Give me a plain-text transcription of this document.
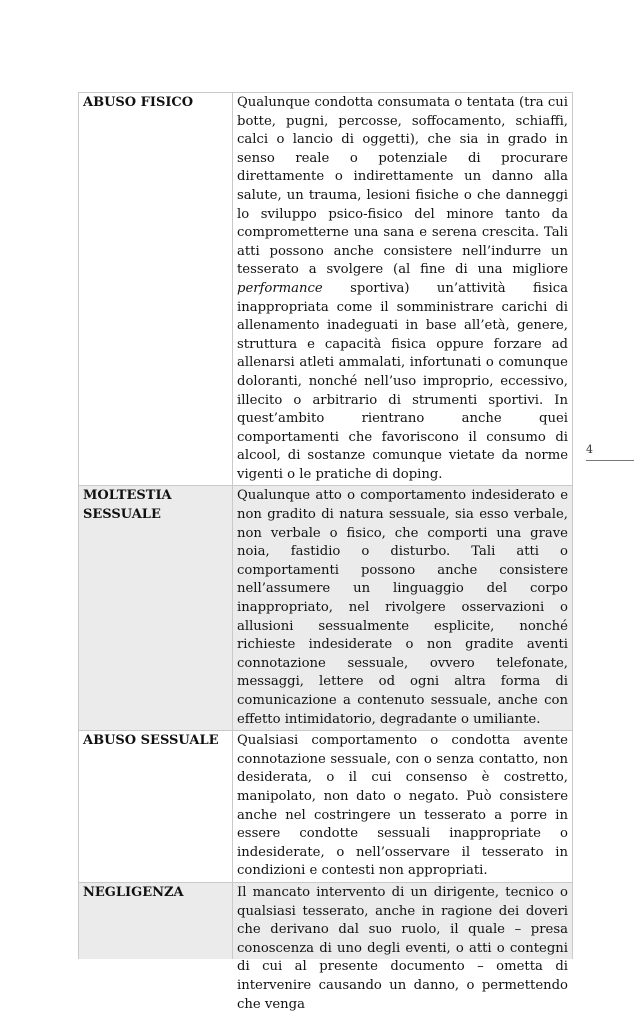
ABUSO FISICO	Qualunque condotta consumata o tentata (tra cui botte, pugni, percosse, soffocamento, schiaffi, calci o lancio di oggetti), che sia in grado in senso reale o potenziale di procurare direttamente o indirettamente un danno alla salute, un trauma, lesioni fisiche o che danneggi lo sviluppo psico-fisico del minore tanto da comprometterne una sana e serena crescita. Tali atti possono anche consistere nell’indurre un tesserato a svolgere (al fine di una migliore performance sportiva) un’attività fisica inappropriata come il somministrare carichi di allenamento inadeguati in base all’età, genere, struttura e capacità fisica oppure forzare ad allenarsi atleti ammalati, infortunati o comunque doloranti, nonché nell’uso improprio, eccessivo, illecito o arbitrario di strumenti sportivi. In quest’ambito rientrano anche quei comportamenti che favoriscono il consumo di alcool, di sostanze comunque vietate da norme vigenti o le pratiche di doping.
MOLTESTIA SESSUALE	Qualunque atto o comportamento indesiderato e non gradito di natura sessuale, sia esso verbale, non verbale o fisico, che comporti una grave noia, fastidio o disturbo. Tali atti o comportamenti possono anche consistere nell’assumere un linguaggio del corpo inappropriato, nel rivolgere osservazioni o allusioni sessualmente esplicite, nonché richieste indesiderate o non gradite aventi connotazione sessuale, ovvero telefonate, messaggi, lettere od ogni altra forma di comunicazione a contenuto sessuale, anche con effetto intimidatorio, degradante o umiliante.
ABUSO SESSUALE	Qualsiasi comportamento o condotta avente connotazione sessuale, con o senza contatto, non desiderata, o il cui consenso è costretto, manipolato, non dato o negato. Può consistere anche nel costringere un tesserato a porre in essere condotte sessuali inappropriate o indesiderate, o nell’osservare il tesserato in condizioni e contesti non appropriati.
NEGLIGENZA	Il mancato intervento di un dirigente, tecnico o qualsiasi tesserato, anche in ragione dei doveri che derivano dal suo ruolo, il quale – presa conoscenza di uno degli eventi, o atti o contegni di cui al presente documento – ometta di intervenire causando un danno, o permettendo che venga
4
